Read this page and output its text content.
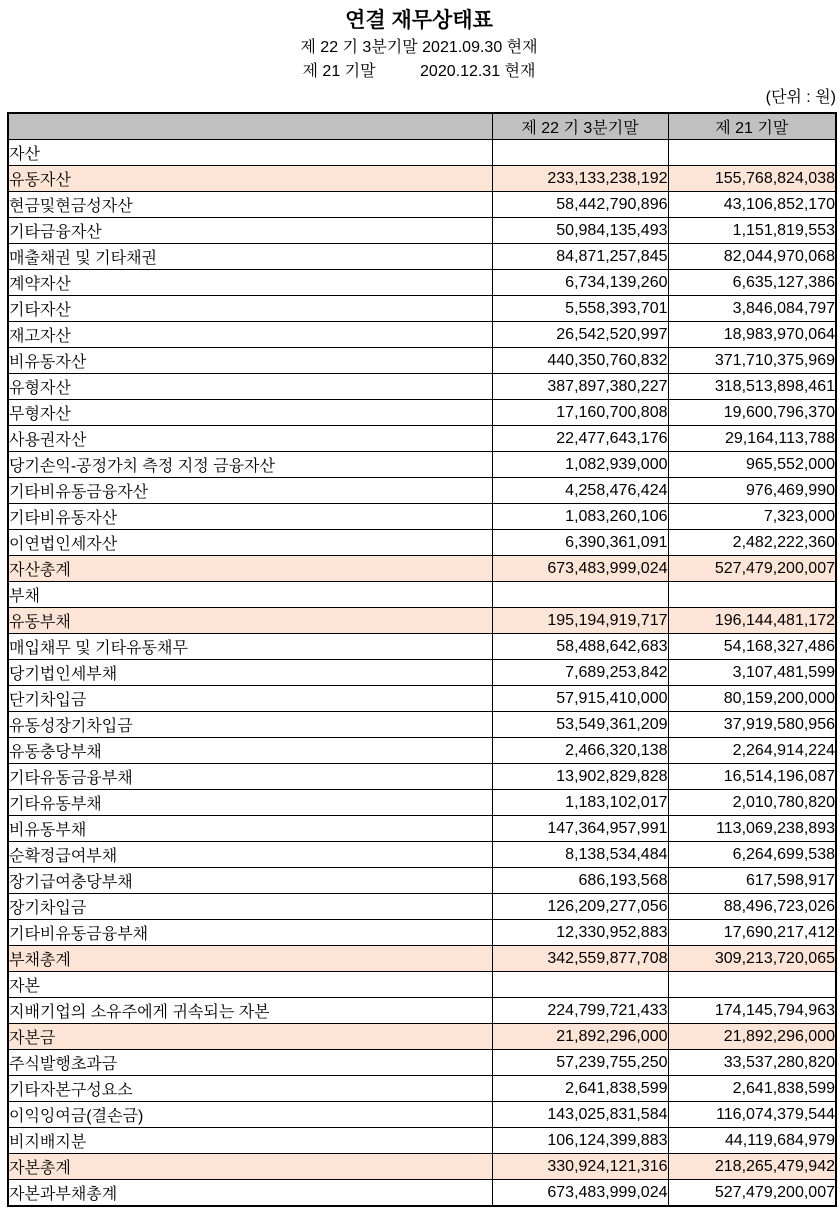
연결 재무상태표
제 22 기 3분기말 2021.09.30 현재
제 21 기말          2020.12.31 현재
(단위 : 원)
	제 22 기 3분기말	제 21 기말
자산		
유동자산	233,133,238,192	155,768,824,038
현금및현금성자산	58,442,790,896	43,106,852,170
기타금융자산	50,984,135,493	1,151,819,553
매출채권 및 기타채권	84,871,257,845	82,044,970,068
계약자산	6,734,139,260	6,635,127,386
기타자산	5,558,393,701	3,846,084,797
재고자산	26,542,520,997	18,983,970,064
비유동자산	440,350,760,832	371,710,375,969
유형자산	387,897,380,227	318,513,898,461
무형자산	17,160,700,808	19,600,796,370
사용권자산	22,477,643,176	29,164,113,788
당기손익-공정가치 측정 지정 금융자산	1,082,939,000	965,552,000
기타비유동금융자산	4,258,476,424	976,469,990
기타비유동자산	1,083,260,106	7,323,000
이연법인세자산	6,390,361,091	2,482,222,360
자산총계	673,483,999,024	527,479,200,007
부채		
유동부채	195,194,919,717	196,144,481,172
매입채무 및 기타유동채무	58,488,642,683	54,168,327,486
당기법인세부채	7,689,253,842	3,107,481,599
단기차입금	57,915,410,000	80,159,200,000
유동성장기차입금	53,549,361,209	37,919,580,956
유동충당부채	2,466,320,138	2,264,914,224
기타유동금융부채	13,902,829,828	16,514,196,087
기타유동부채	1,183,102,017	2,010,780,820
비유동부채	147,364,957,991	113,069,238,893
순확정급여부채	8,138,534,484	6,264,699,538
장기급여충당부채	686,193,568	617,598,917
장기차입금	126,209,277,056	88,496,723,026
기타비유동금융부채	12,330,952,883	17,690,217,412
부채총계	342,559,877,708	309,213,720,065
자본		
지배기업의 소유주에게 귀속되는 자본	224,799,721,433	174,145,794,963
자본금	21,892,296,000	21,892,296,000
주식발행초과금	57,239,755,250	33,537,280,820
기타자본구성요소	2,641,838,599	2,641,838,599
이익잉여금(결손금)	143,025,831,584	116,074,379,544
비지배지분	106,124,399,883	44,119,684,979
자본총계	330,924,121,316	218,265,479,942
자본과부채총계	673,483,999,024	527,479,200,007
